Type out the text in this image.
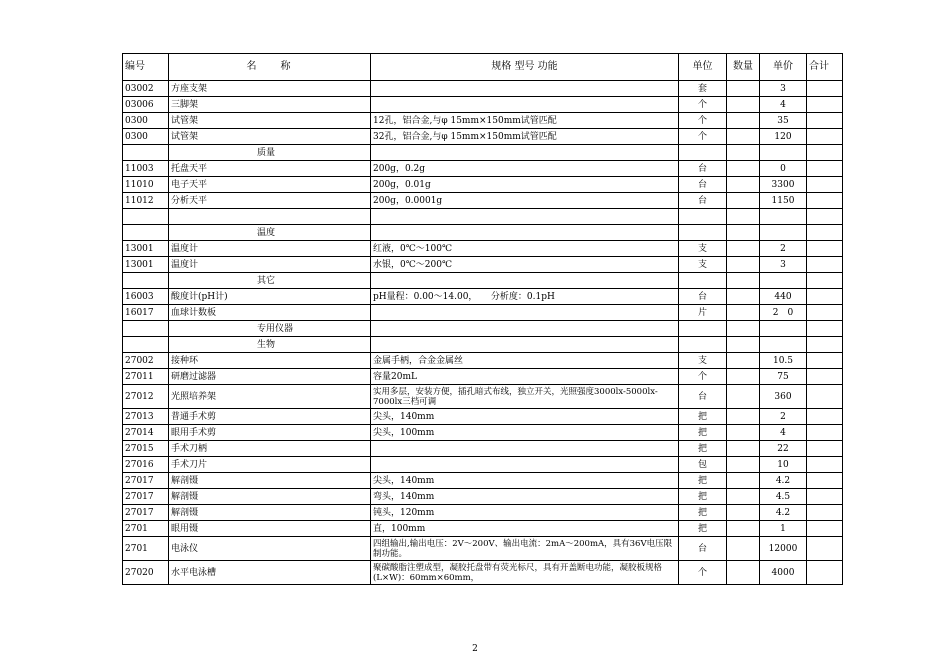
编号	名称	规格 型号 功能	单位	数量	单价	合计
03002	方座支架		套		3	
03006	三脚架		个		4	
0300	试管架	12孔，铝合金,与φ 15mm×150mm试管匹配	个		35	
0300	试管架	32孔，铝合金,与φ 15mm×150mm试管匹配	个		120	
	质量					
11003	托盘天平	200g，0.2g	台		0	
11010	电子天平	200g，0.01g	台		3300	
11012	分析天平	200g，0.0001g	台		1150	

	温度					
13001	温度计	红液，0℃～100℃	支		2	
13001	温度计	水银，0℃～200℃	支		3	
	其它					
16003	酸度计(pH计)	pH量程：0.00～14.00，　　分析度：0.1pH	台		440	
16017	血球计数板		片		2　0	
	专用仪器					
	生物					
27002	接种环	金属手柄，合金金属丝	支		10.5	
27011	研磨过滤器	容量20mL	个		75	
27012	光照培养架	实用多层，安装方便，插孔暗式布线，独立开关，光照强度3000lx-5000lx-7000lx三档可调	台		360	
27013	普通手术剪	尖头，140mm	把		2	
27014	眼用手术剪	尖头，100mm	把		4	
27015	手术刀柄		把		22	
27016	手术刀片		包		10	
27017	解剖镊	尖头，140mm	把		4.2	
27017	解剖镊	弯头，140mm	把		4.5	
27017	解剖镊	钝头，120mm	把		4.2	
2701	眼用镊	直，100mm	把		1	
2701	电泳仪	四组输出,输出电压：2V～200V、输出电流：2mA～200mA，具有36V电压限制功能。	台		12000	
27020	水平电泳槽	聚碳酸脂注塑成型，凝胶托盘带有荧光标尺，具有开盖断电功能，凝胶板规格(L×W)：60mm×60mm，	个		4000	
2
